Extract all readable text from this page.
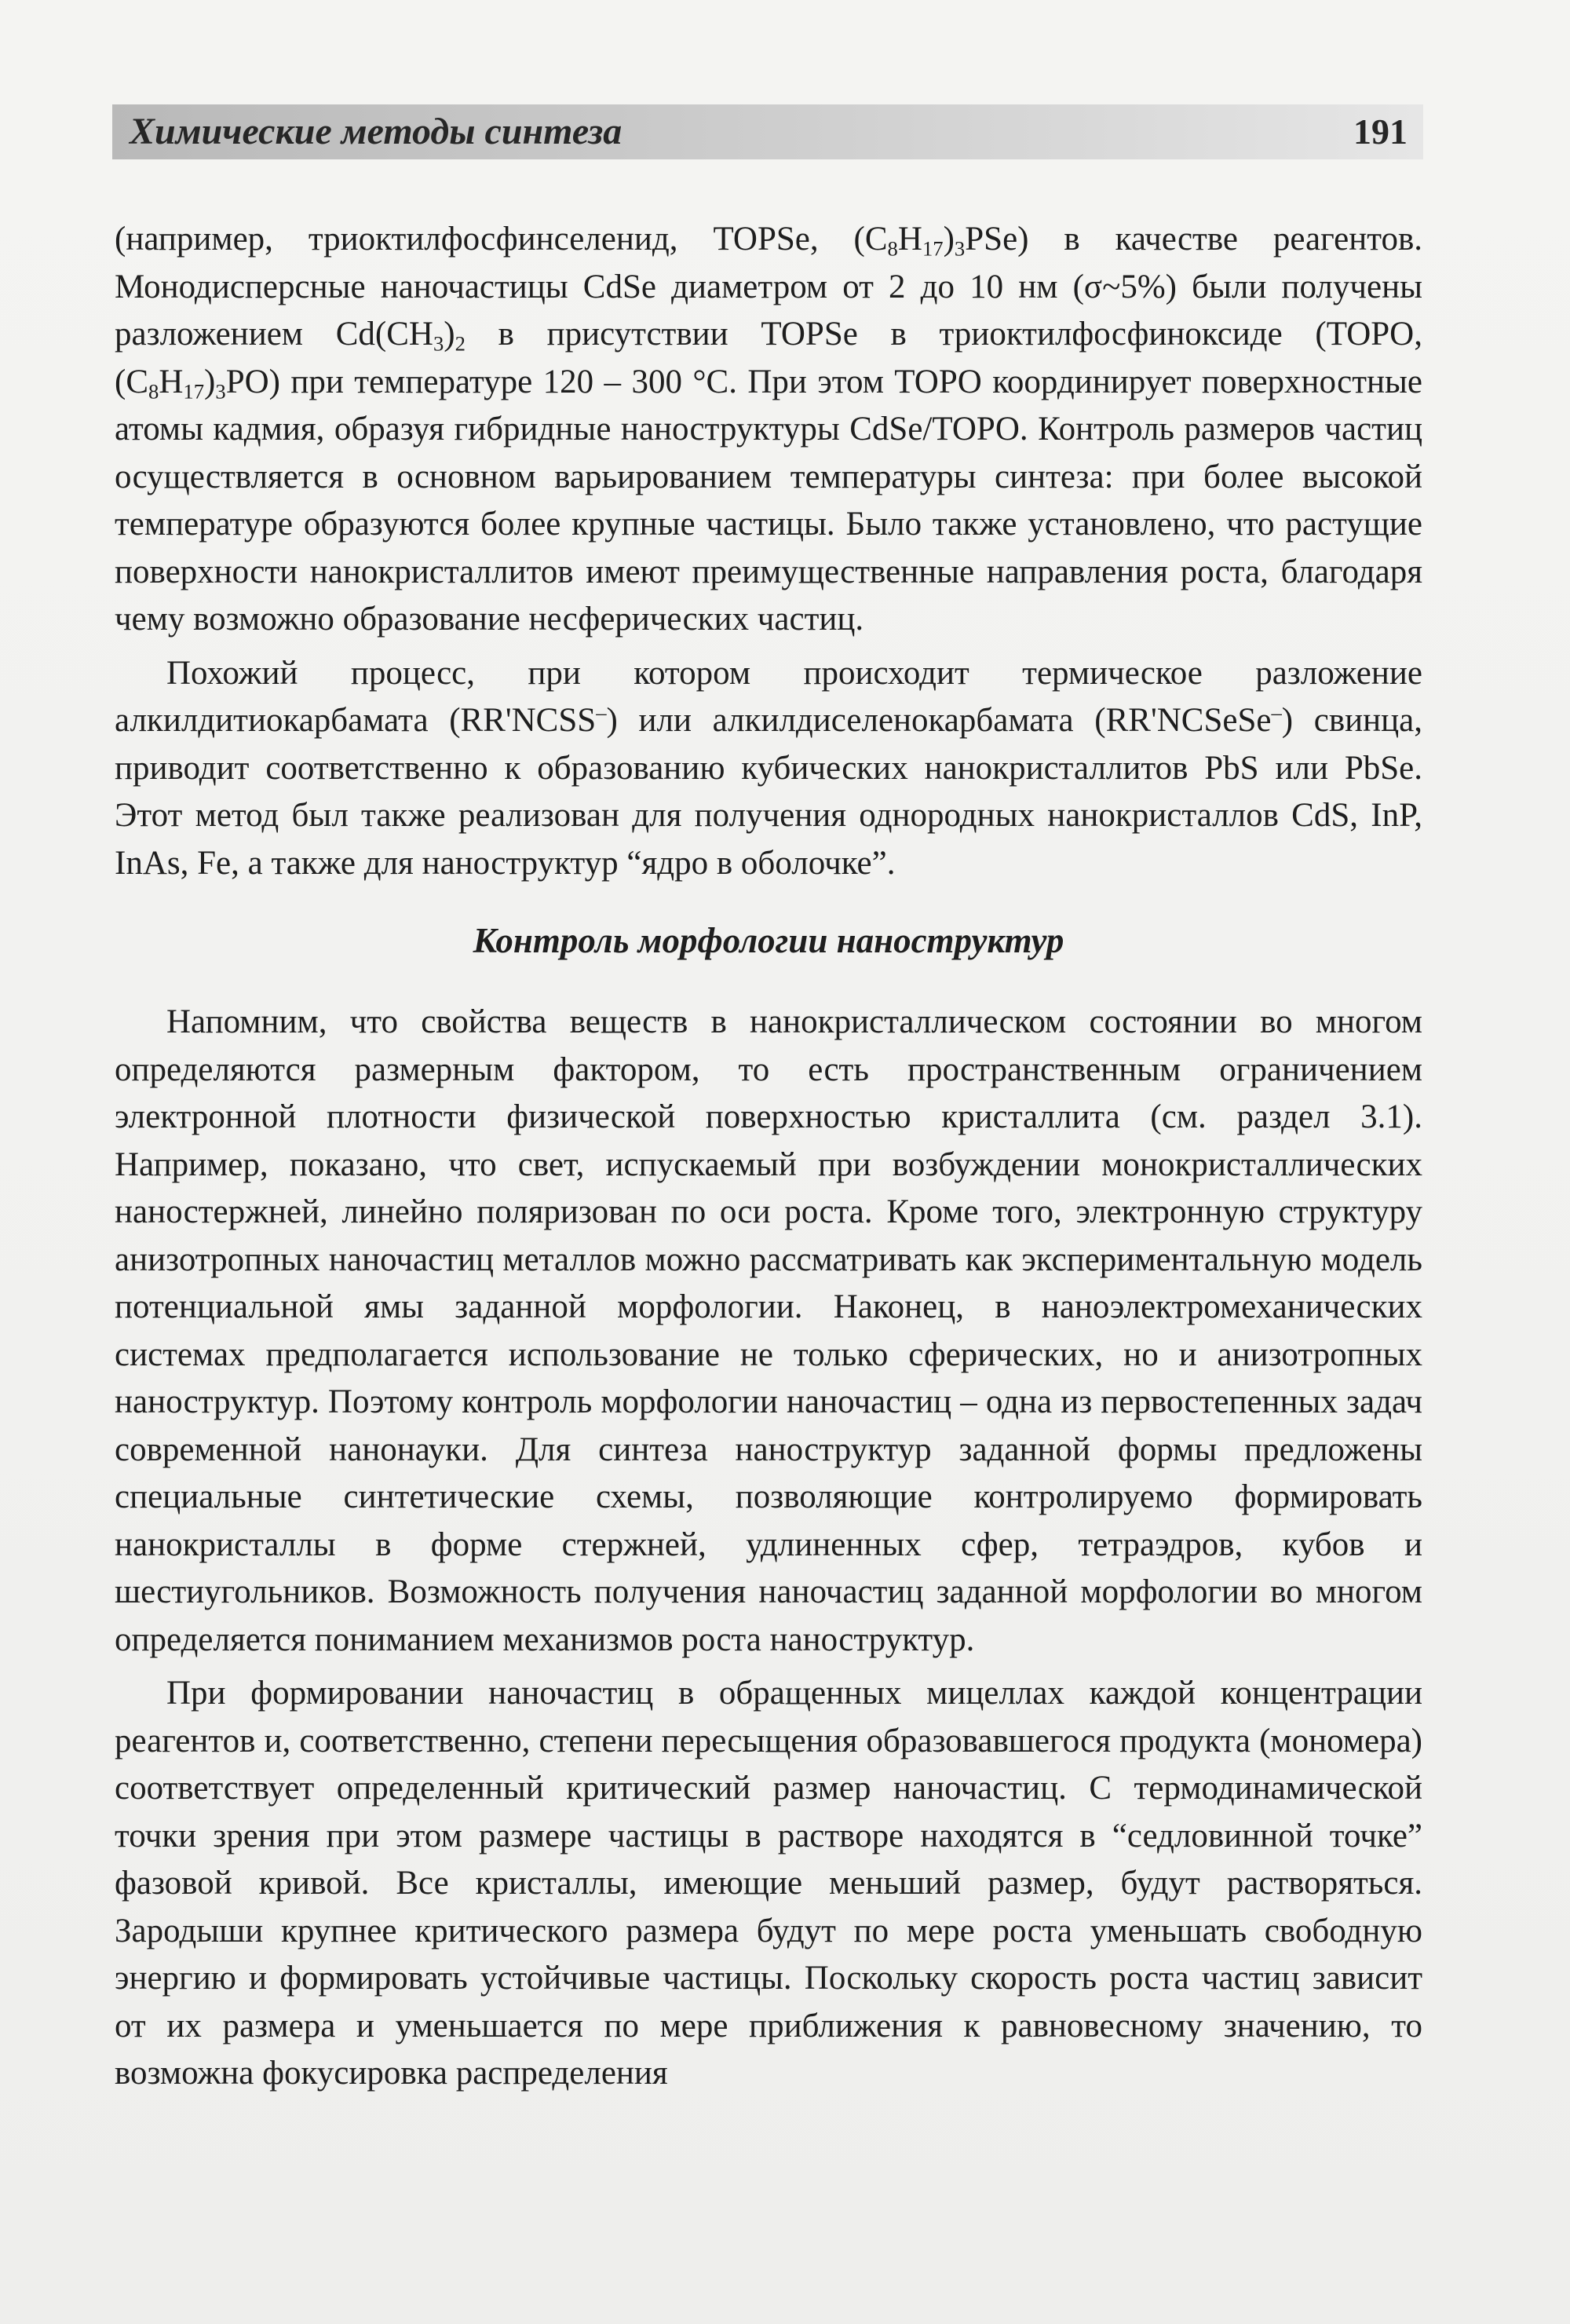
Химические методы синтеза	191

(например, триоктилфосфинселенид, TOPSe, $(C_8H_{17})_3PSe$) в качестве реагентов. Монодисперсные наночастицы CdSe диаметром от 2 до 10 нм (σ~5%) были получены разложением $Cd(CH_3)_2$ в присутствии TOPSe в триоктилфосфиноксиде (TOPO, $(C_8H_{17})_3PO$) при температуре 120 – 300 °C. При этом TOPO координирует поверхностные атомы кадмия, образуя гибридные наноструктуры CdSe/TOPO. Контроль размеров частиц осуществляется в основном варьированием температуры синтеза: при более высокой температуре образуются более крупные частицы. Было также установлено, что растущие поверхности нанокристаллитов имеют преимущественные направления роста, благодаря чему возможно образование несферических частиц.

Похожий процесс, при котором происходит термическое разложение алкилдитиокарбамата (RR'NCSS–) или алкилдиселенокарбамата (RR'NCSeSe–) свинца, приводит соответственно к образованию кубических нанокристаллитов PbS или PbSe. Этот метод был также реализован для получения однородных нанокристаллов CdS, InP, InAs, Fe, а также для наноструктур “ядро в оболочке”.

Контроль морфологии наноструктур

Напомним, что свойства веществ в нанокристаллическом состоянии во многом определяются размерным фактором, то есть пространственным ограничением электронной плотности физической поверхностью кристаллита (см. раздел 3.1). Например, показано, что свет, испускаемый при возбуждении монокристаллических наностержней, линейно поляризован по оси роста. Кроме того, электронную структуру анизотропных наночастиц металлов можно рассматривать как экспериментальную модель потенциальной ямы заданной морфологии. Наконец, в наноэлектромеханических системах предполагается использование не только сферических, но и анизотропных наноструктур. Поэтому контроль морфологии наночастиц – одна из первостепенных задач современной нанонауки. Для синтеза наноструктур заданной формы предложены специальные синтетические схемы, позволяющие контролируемо формировать нанокристаллы в форме стержней, удлиненных сфер, тетраэдров, кубов и шестиугольников. Возможность получения наночастиц заданной морфологии во многом определяется пониманием механизмов роста наноструктур.

При формировании наночастиц в обращенных мицеллах каждой концентрации реагентов и, соответственно, степени пересыщения образовавшегося продукта (мономера) соответствует определенный критический размер наночастиц. С термодинамической точки зрения при этом размере частицы в растворе находятся в “седловинной точке” фазовой кривой. Все кристаллы, имеющие меньший размер, будут растворяться. Зародыши крупнее критического размера будут по мере роста уменьшать свободную энергию и формировать устойчивые частицы. Поскольку скорость роста частиц зависит от их размера и уменьшается по мере приближения к равновесному значению, то возможна фокусировка распределения
